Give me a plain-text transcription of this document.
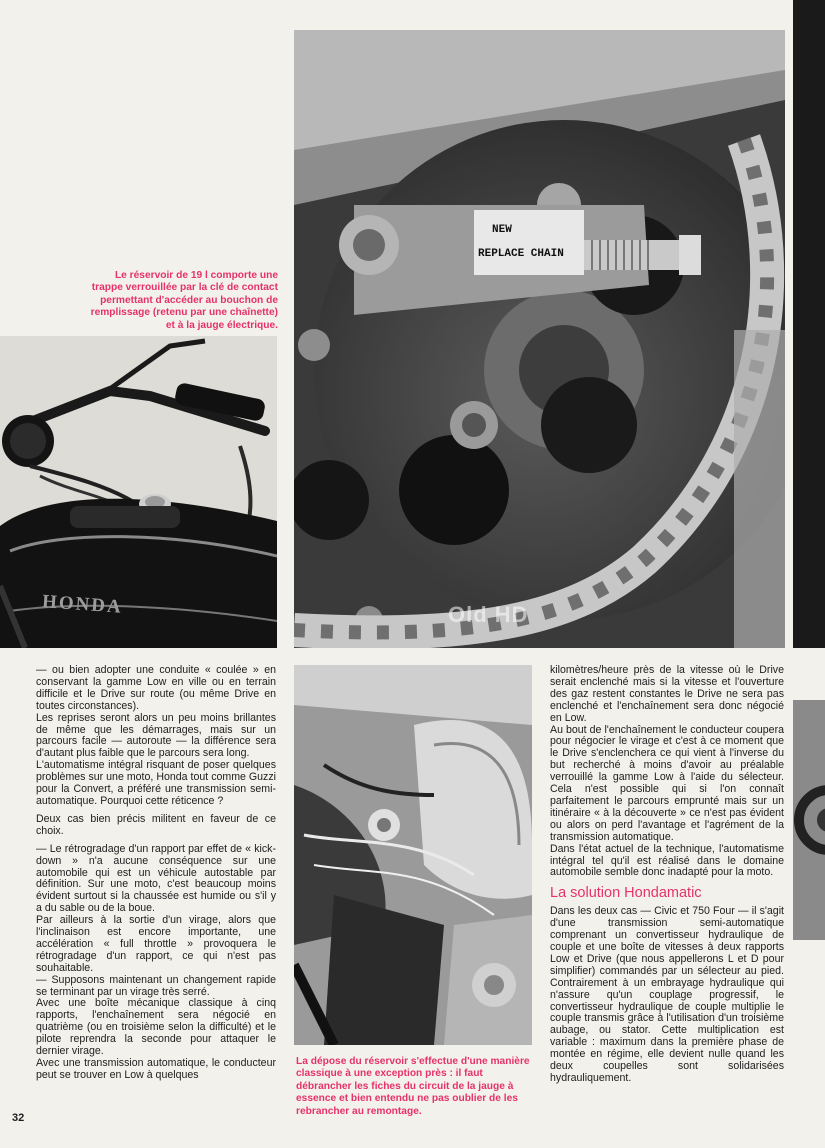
Le réservoir de 19 l comporte une trappe verrouillée par la clé de contact permettant d'accéder au bouchon de remplissage (retenu par une chaînette) et à la jauge électrique.
HONDA
NEW
REPLACE CHAIN
Old HD
La dépose du réservoir s'effectue d'une manière classique à une exception près : il faut débrancher les fiches du circuit de la jauge à essence et bien entendu ne pas oublier de les rebrancher au remontage.

— ou bien adopter une conduite « coulée » en conservant la gamme Low en ville ou en terrain difficile et le Drive sur route (ou même Drive en toutes circonstances).

Les reprises seront alors un peu moins brillantes de même que les démarrages, mais sur un parcours facile — autoroute — la différence sera d'autant plus faible que le parcours sera long.

L'automatisme intégral risquant de poser quelques problèmes sur une moto, Honda tout comme Guzzi pour la Convert, a préféré une transmission semi-automatique. Pourquoi cette réticence ?

Deux cas bien précis militent en faveur de ce choix.

— Le rétrogradage d'un rapport par effet de « kick-down » n'a aucune conséquence sur une automobile qui est un véhicule autostable par définition. Sur une moto, c'est beaucoup moins évident surtout si la chaussée est humide ou s'il y a du sable ou de la boue.

Par ailleurs à la sortie d'un virage, alors que l'inclinaison est encore importante, une accélération « full throttle » provoquera le rétrogradage d'un rapport, ce qui n'est pas souhaitable.

— Supposons maintenant un changement rapide se terminant par un virage très serré.

Avec une boîte mécanique classique à cinq rapports, l'enchaînement sera négocié en quatrième (ou en troisième selon la difficulté) et le pilote reprendra la seconde pour attaquer le dernier virage.

Avec une transmission automatique, le conducteur peut se trouver en Low à quelques

kilomètres/heure près de la vitesse où le Drive serait enclenché mais si la vitesse et l'ouverture des gaz restent constantes le Drive ne sera pas enclenché et l'enchaînement sera donc négocié en Low.

Au bout de l'enchaînement le conducteur coupera pour négocier le virage et c'est à ce moment que le Drive s'enclenchera ce qui vient à l'inverse du but recherché à moins d'avoir au préalable verrouillé la gamme Low à l'aide du sélecteur. Cela n'est possible qui si l'on connaît parfaitement le parcours emprunté mais sur un itinéraire « à la découverte » ce n'est pas évident ou alors on perd l'avantage et l'agrément de la transmission automatique.

Dans l'état actuel de la technique, l'automatisme intégral tel qu'il est réalisé dans le domaine automobile semble donc inadapté pour la moto.

La solution Hondamatic

Dans les deux cas — Civic et 750 Four — il s'agit d'une transmission semi-automatique comprenant un convertisseur hydraulique de couple et une boîte de vitesses à deux rapports Low et Drive (que nous appellerons L et D pour simplifier) commandés par un sélecteur au pied. Contrairement à un embrayage hydraulique qui n'assure qu'un couplage progressif, le convertisseur hydraulique de couple multiplie le couple transmis grâce à l'utilisation d'un troisième aubage, ou stator. Cette multiplication est variable : maximum dans la première phase de montée en régime, elle devient nulle quand les deux coupelles sont solidarisées hydrauliquement.

32
